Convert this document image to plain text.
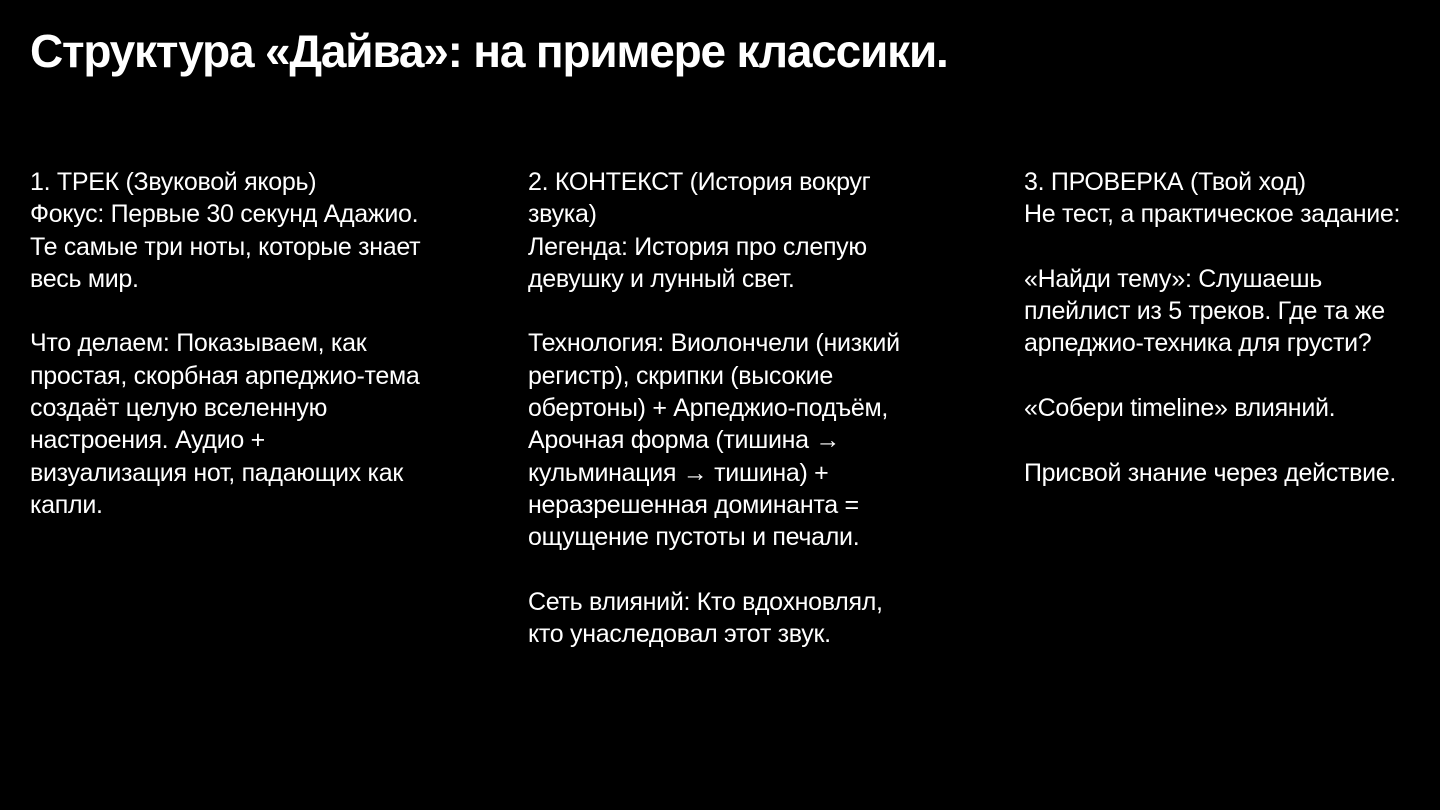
Структура «Дайва»: на примере классики.

1. ТРЕК (Звуковой якорь)
Фокус: Первые 30 секунд Адажио. Те самые три ноты, которые знает весь мир.

Что делаем: Показываем, как простая, скорбная арпеджио-тема создаёт целую вселенную настроения. Аудио + визуализация нот, падающих как капли.

2. КОНТЕКСТ (История вокруг звука)
Легенда: История про слепую девушку и лунный свет.

Технология: Виолончели (низкий регистр), скрипки (высокие обертоны) + Арпеджио-подъём, Арочная форма (тишина → кульминация → тишина) + неразрешенная доминанта = ощущение пустоты и печали.

Сеть влияний: Кто вдохновлял, кто унаследовал этот звук.

3. ПРОВЕРКА (Твой ход)
Не тест, а практическое задание:

«Найди тему»: Слушаешь плейлист из 5 треков. Где та же арпеджио-техника для грусти?

«Собери timeline» влияний.

Присвой знание через действие.
